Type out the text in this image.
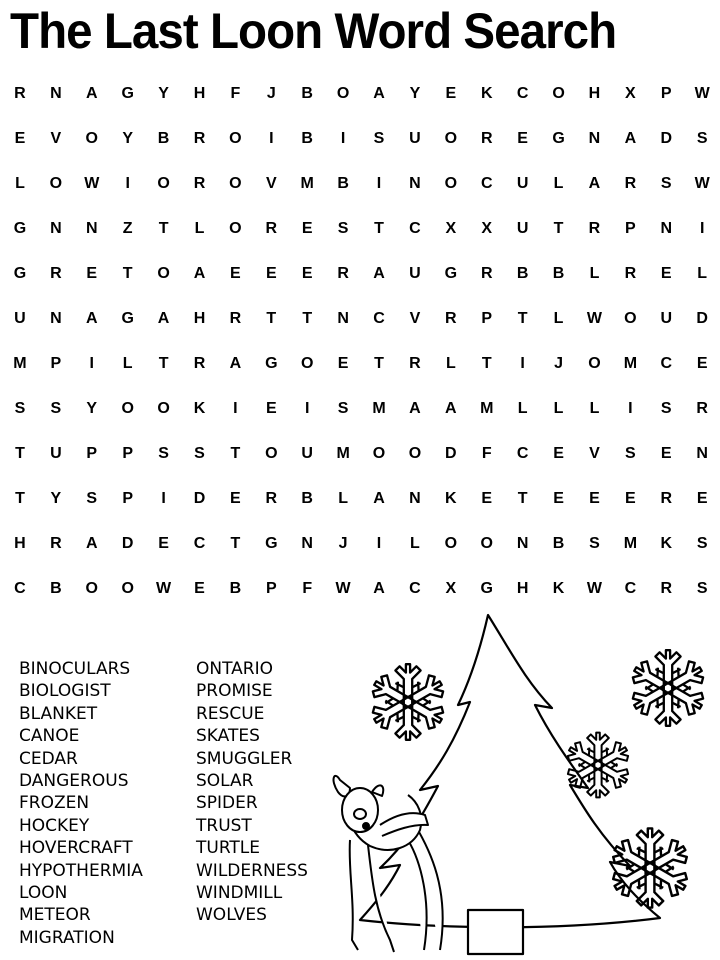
The Last Loon Word Search
R	N	A	G	Y	H	F	J	B	O	A	Y	E	K	C	O	H	X	P	W
E	V	O	Y	B	R	O	I	B	I	S	U	O	R	E	G	N	A	D	S
L	O	W	I	O	R	O	V	M	B	I	N	O	C	U	L	A	R	S	W
G	N	N	Z	T	L	O	R	E	S	T	C	X	X	U	T	R	P	N	I
G	R	E	T	O	A	E	E	E	R	A	U	G	R	B	B	L	R	E	L
U	N	A	G	A	H	R	T	T	N	C	V	R	P	T	L	W	O	U	D
M	P	I	L	T	R	A	G	O	E	T	R	L	T	I	J	O	M	C	E
S	S	Y	O	O	K	I	E	I	S	M	A	A	M	L	L	L	I	S	R
T	U	P	P	S	S	T	O	U	M	O	O	D	F	C	E	V	S	E	N
T	Y	S	P	I	D	E	R	B	L	A	N	K	E	T	E	E	E	R	E
H	R	A	D	E	C	T	G	N	J	I	L	O	O	N	B	S	M	K	S
C	B	O	O	W	E	B	P	F	W	A	C	X	G	H	K	W	C	R	S
BINOCULARS
BIOLOGIST
BLANKET
CANOE
CEDAR
DANGEROUS
FROZEN
HOCKEY
HOVERCRAFT
HYPOTHERMIA
LOON
METEOR
MIGRATION
ONTARIO
PROMISE
RESCUE
SKATES
SMUGGLER
SOLAR
SPIDER
TRUST
TURTLE
WILDERNESS
WINDMILL
WOLVES
